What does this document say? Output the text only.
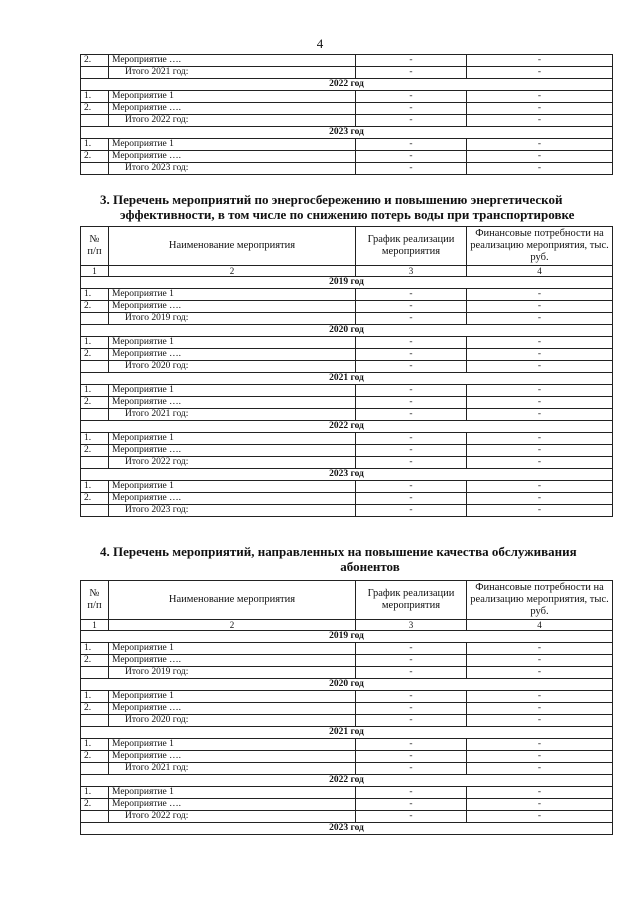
4
2.	Мероприятие ….	-	-
	Итого 2021 год:	-	-
2022 год			
1.	Мероприятие 1	-	-
2.	Мероприятие ….	-	-
	Итого 2022 год:	-	-
2023 год			
1.	Мероприятие 1	-	-
2.	Мероприятие ….	-	-
	Итого 2023 год:	-	-
3. Перечень мероприятий по энергосбережению и повышению энергетической
эффективности, в том числе по снижению потерь воды при транспортировке
№ п/п	Наименование мероприятия	График реализации мероприятия	Финансовые потребности на реализацию мероприятия, тыс. руб.
1	2	3	4
2019 год			
1.	Мероприятие 1	-	-
2.	Мероприятие ….	-	-
	Итого 2019 год:	-	-
2020 год			
1.	Мероприятие 1	-	-
2.	Мероприятие ….	-	-
	Итого 2020 год:	-	-
2021 год			
1.	Мероприятие 1	-	-
2.	Мероприятие ….	-	-
	Итого 2021 год:	-	-
2022 год			
1.	Мероприятие 1	-	-
2.	Мероприятие ….	-	-
	Итого 2022 год:	-	-
2023 год			
1.	Мероприятие 1	-	-
2.	Мероприятие ….	-	-
	Итого 2023 год:	-	-
4. Перечень мероприятий, направленных на повышение качества обслуживания
абонентов
№ п/п	Наименование мероприятия	График реализации мероприятия	Финансовые потребности на реализацию мероприятия, тыс. руб.
1	2	3	4
2019 год			
1.	Мероприятие 1	-	-
2.	Мероприятие ….	-	-
	Итого 2019 год:	-	-
2020 год			
1.	Мероприятие 1	-	-
2.	Мероприятие ….	-	-
	Итого 2020 год:	-	-
2021 год			
1.	Мероприятие 1	-	-
2.	Мероприятие ….	-	-
	Итого 2021 год:	-	-
2022 год			
1.	Мероприятие 1	-	-
2.	Мероприятие ….	-	-
	Итого 2022 год:	-	-
2023 год			
